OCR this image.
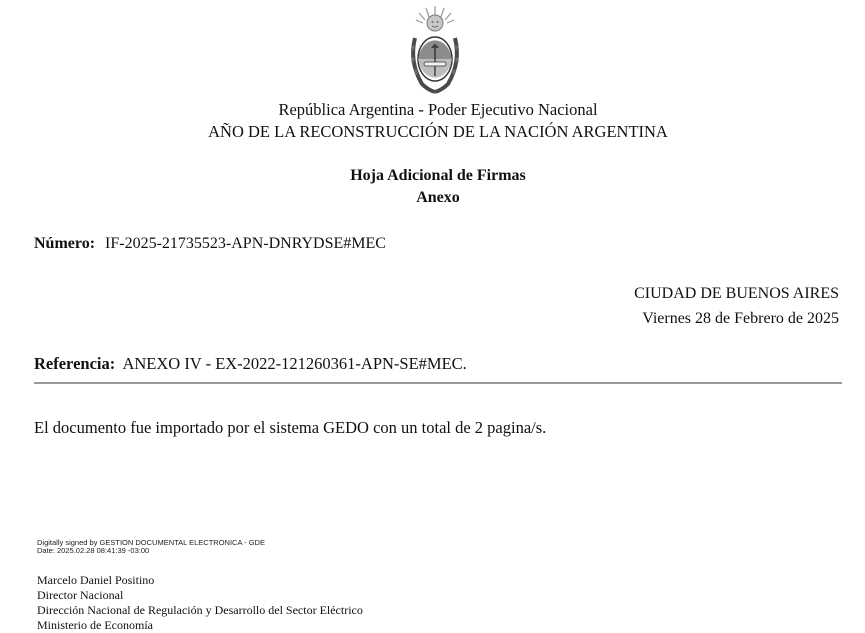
República Argentina - Poder Ejecutivo Nacional
AÑO DE LA RECONSTRUCCIÓN DE LA NACIÓN ARGENTINA
Hoja Adicional de Firmas
Anexo
Número: IF-2025-21735523-APN-DNRYDSE#MEC
CIUDAD DE BUENOS AIRES
Viernes 28 de Febrero de 2025
Referencia: ANEXO IV - EX-2022-121260361-APN-SE#MEC.
El documento fue importado por el sistema GEDO con un total de 2 pagina/s.
Digitally signed by GESTION DOCUMENTAL ELECTRONICA - GDE
Date: 2025.02.28 08:41:39 -03:00
Marcelo Daniel Positino
Director Nacional
Dirección Nacional de Regulación y Desarrollo del Sector Eléctrico
Ministerio de Economía
